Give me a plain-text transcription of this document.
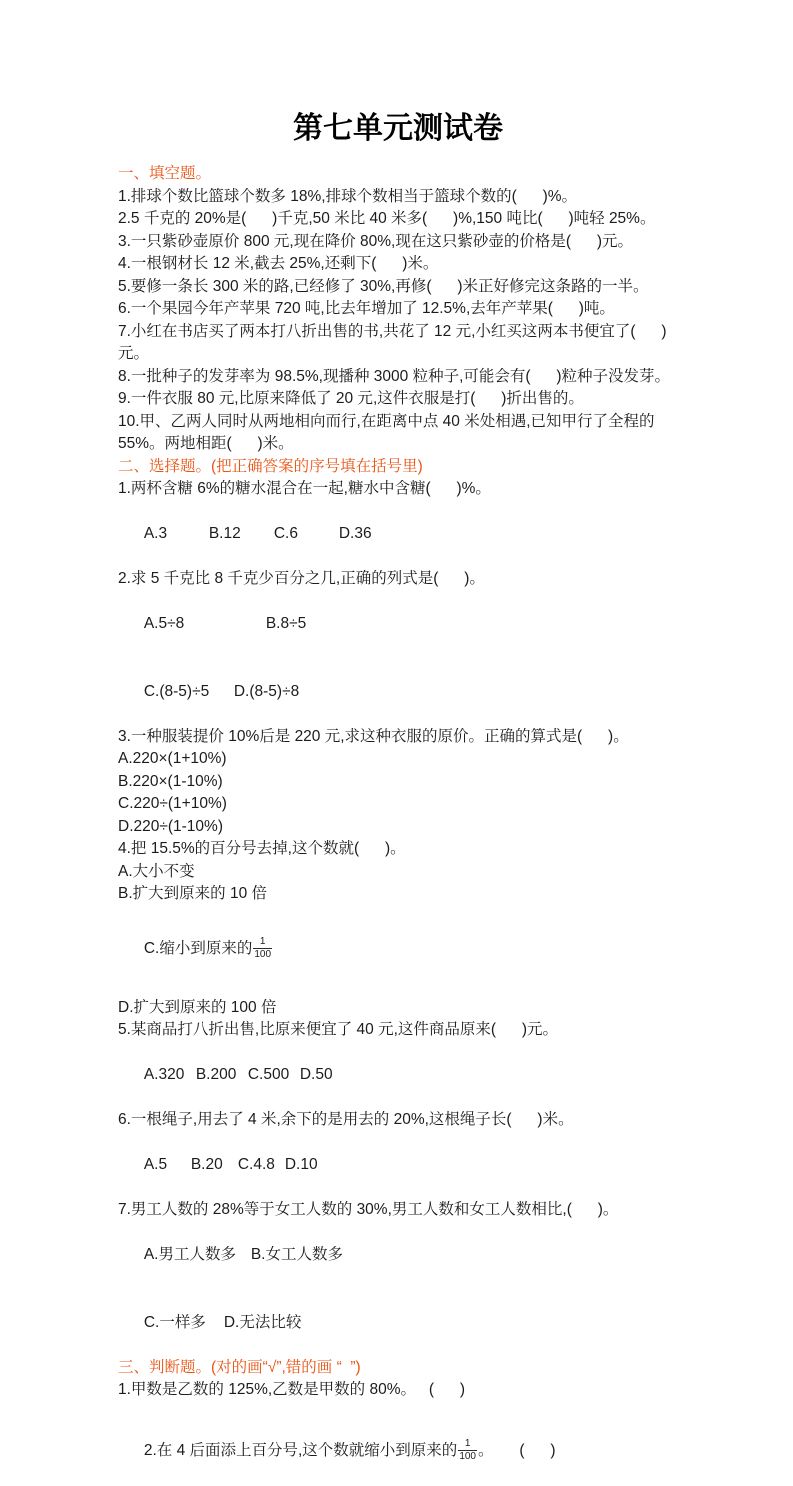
第七单元测试卷
一、填空题。
1.排球个数比篮球个数多 18%,排球个数相当于篮球个数的(      )%。
2.5 千克的 20%是(      )千克,50 米比 40 米多(      )%,150 吨比(      )吨轻 25%。
3.一只紫砂壶原价 800 元,现在降价 80%,现在这只紫砂壶的价格是(      )元。
4.一根钢材长 12 米,截去 25%,还剩下(      )米。
5.要修一条长 300 米的路,已经修了 30%,再修(      )米正好修完这条路的一半。
6.一个果园今年产苹果 720 吨,比去年增加了 12.5%,去年产苹果(      )吨。
7.小红在书店买了两本打八折出售的书,共花了 12 元,小红买这两本书便宜了(      )元。
8.一批种子的发芽率为 98.5%,现播种 3000 粒种子,可能会有(      )粒种子没发芽。
9.一件衣服 80 元,比原来降低了 20 元,这件衣服是打(      )折出售的。
10.甲、乙两人同时从两地相向而行,在距离中点 40 米处相遇,已知甲行了全程的 55%。两地相距(      )米。
二、选择题。(把正确答案的序号填在括号里)
1.两杯含糖 6%的糖水混合在一起,糖水中含糖(      )%。

A.3	B.12 C.6	D.36

2.求 5 千克比 8 千克少百分之几,正确的列式是(      )。

A.5÷8	B.8÷5

C.(8-5)÷5 D.(8-5)÷8

3.一种服装提价 10%后是 220 元,求这种衣服的原价。正确的算式是(      )。
A.220×(1+10%)
B.220×(1-10%)
C.220÷(1+10%)
D.220÷(1-10%)
4.把 15.5%的百分号去掉,这个数就(      )。
A.大小不变
B.扩大到原来的 10 倍

C.缩小到原来的 $\frac{1}{100}$

D.扩大到原来的 100 倍
5.某商品打八折出售,比原来便宜了 40 元,这件商品原来(      )元。

A.320 B.200 C.500 D.50

6.一根绳子,用去了 4 米,余下的是用去的 20%,这根绳子长(      )米。

A.5 B.20 C.4.8 D.10

7.男工人数的 28%等于女工人数的 30%,男工人数和女工人数相比,(      )。

A.男工人数多 B.女工人数多

C.一样多 D.无法比较

三、判断题。(对的画“√”,错的画 “  ”)
1.甲数是乙数的 125%,乙数是甲数的 80%。   (      )

2.在 4 后面添上百分号,这个数就缩小到原来的 $\frac{1}{100}$ 。      (      )
